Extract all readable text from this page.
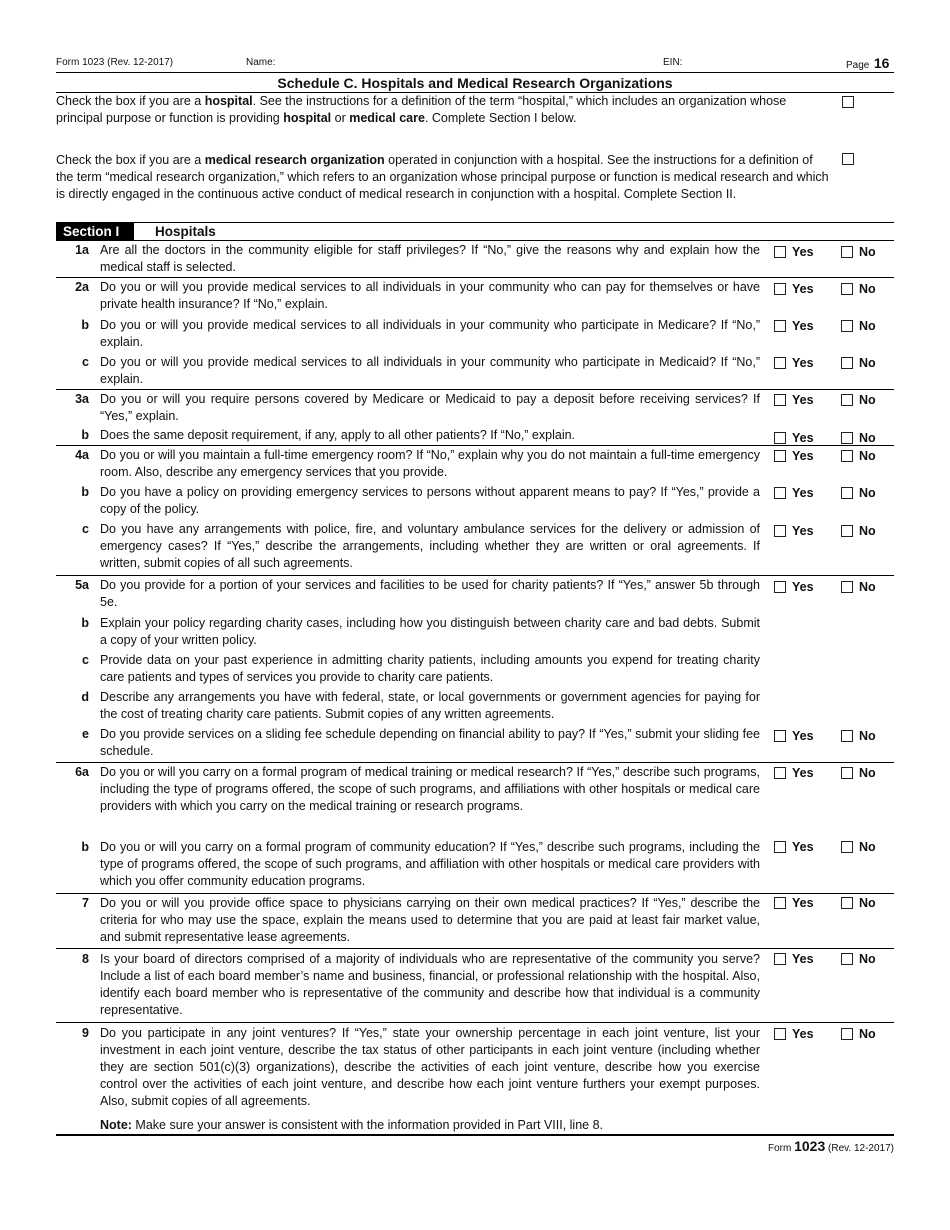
Form 1023 (Rev. 12-2017)	Name:	EIN:	Page 16
Schedule C. Hospitals and Medical Research Organizations
Check the box if you are a hospital. See the instructions for a definition of the term “hospital,” which includes an organization whose principal purpose or function is providing hospital or medical care. Complete Section I below.
Check the box if you are a medical research organization operated in conjunction with a hospital. See the instructions for a definition of the term “medical research organization,” which refers to an organization whose principal purpose or function is medical research and which is directly engaged in the continuous active conduct of medical research in conjunction with a hospital. Complete Section II.
Section I	Hospitals
1a Are all the doctors in the community eligible for staff privileges? If “No,” give the reasons why and explain how the medical staff is selected.
Yes	No
2a Do you or will you provide medical services to all individuals in your community who can pay for themselves or have private health insurance? If “No,” explain.
Yes	No
b Do you or will you provide medical services to all individuals in your community who participate in Medicare? If “No,” explain.
Yes	No
c Do you or will you provide medical services to all individuals in your community who participate in Medicaid? If “No,” explain.
Yes	No
3a Do you or will you require persons covered by Medicare or Medicaid to pay a deposit before receiving services? If “Yes,” explain.
Yes	No
b Does the same deposit requirement, if any, apply to all other patients? If “No,” explain.	Yes	No
4a Do you or will you maintain a full-time emergency room? If “No,” explain why you do not maintain a full-time emergency room. Also, describe any emergency services that you provide.
Yes	No
b Do you have a policy on providing emergency services to persons without apparent means to pay? If “Yes,” provide a copy of the policy.
Yes	No
c Do you have any arrangements with police, fire, and voluntary ambulance services for the delivery or admission of emergency cases? If “Yes,” describe the arrangements, including whether they are written or oral agreements. If written, submit copies of all such agreements.
Yes	No
5a Do you provide for a portion of your services and facilities to be used for charity patients? If “Yes,” answer 5b through 5e.
Yes	No
b Explain your policy regarding charity cases, including how you distinguish between charity care and bad debts. Submit a copy of your written policy.
c Provide data on your past experience in admitting charity patients, including amounts you expend for treating charity care patients and types of services you provide to charity care patients.
d Describe any arrangements you have with federal, state, or local governments or government agencies for paying for the cost of treating charity care patients. Submit copies of any written agreements.
e Do you provide services on a sliding fee schedule depending on financial ability to pay? If “Yes,” submit your sliding fee schedule.
Yes	No
6a Do you or will you carry on a formal program of medical training or medical research? If “Yes,” describe such programs, including the type of programs offered, the scope of such programs, and affiliations with other hospitals or medical care providers with which you carry on the medical training or research programs.
Yes	No
b Do you or will you carry on a formal program of community education? If “Yes,” describe such programs, including the type of programs offered, the scope of such programs, and affiliation with other hospitals or medical care providers with which you offer community education programs.
Yes	No
7 Do you or will you provide office space to physicians carrying on their own medical practices? If “Yes,” describe the criteria for who may use the space, explain the means used to determine that you are paid at least fair market value, and submit representative lease agreements.
Yes	No
8 Is your board of directors comprised of a majority of individuals who are representative of the community you serve? Include a list of each board member’s name and business, financial, or professional relationship with the hospital. Also, identify each board member who is representative of the community and describe how that individual is a community representative.
Yes	No
9 Do you participate in any joint ventures? If “Yes,” state your ownership percentage in each joint venture, list your investment in each joint venture, describe the tax status of other participants in each joint venture (including whether they are section 501(c)(3) organizations), describe the activities of each joint venture, describe how you exercise control over the activities of each joint venture, and describe how each joint venture furthers your exempt purposes. Also, submit copies of all agreements.
Yes	No
Note: Make sure your answer is consistent with the information provided in Part VIII, line 8.
Form 1023 (Rev. 12-2017)
